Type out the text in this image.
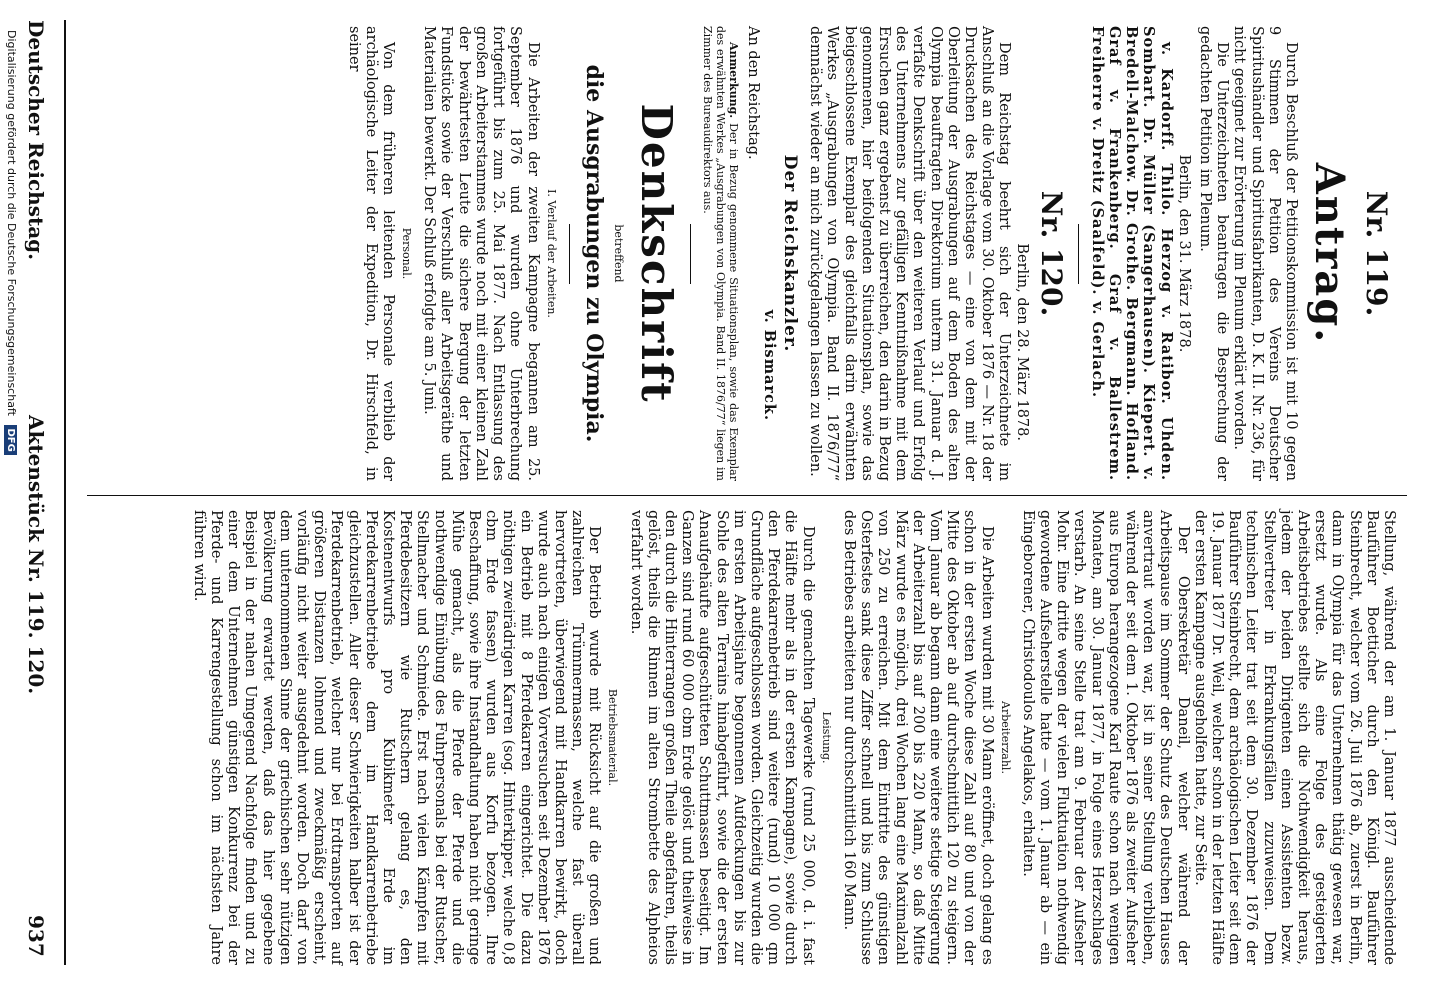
Deutscher Reichstag.
Aktenstück Nr. 119. 120.
937
Nr. 119.
Antrag.

Durch Beschluß der Petitionskommission ist mit 10 gegen 9 Stimmen der Petition des Vereins Deutscher Spiritushändler und Spiritusfabrikanten, D. K. II. Nr. 236, für nicht geeignet zur Erörterung im Plenum erklärt worden.

Die Unterzeichneten beantragen die Besprechung der gedachten Petition im Plenum.

Berlin, den 31. März 1878.

v. Kardorff. Thilo. Herzog v. Ratibor. Uhden. Sombart. Dr. Müller (Sangerhausen). Kiepert. v. Bredell-Malchow. Dr. Grothe. Bergmann. Hofland. Graf v. Frankenberg. Graf v. Ballestrem. Freiherre v. Dreitz (Saalfeld). v. Gerlach.

Nr. 120.

Berlin, den 28. März 1878.

Dem Reichstag beehrt sich der Unterzeichnete im Anschluß an die Vorlage vom 30. Oktober 1876 — Nr. 18 der Drucksachen des Reichstages — eine von dem mit der Oberleitung der Ausgrabungen auf dem Boden des alten Olympia beauftragten Direktorium unterm 31. Januar d. J. verfaßte Denkschrift über den weiteren Verlauf und Erfolg des Unternehmens zur gefälligen Kenntnißnahme mit dem Ersuchen ganz ergebenst zu überreichen, den darin in Bezug genommenen, hier beifolgenden Situationsplan, sowie das beigeschlossene Exemplar des gleichfalls darin erwähnten Werkes „Ausgrabungen von Olympia. Band II. 1876/77“ demnächst wieder an mich zurückgelangen lassen zu wollen.

Der Reichskanzler.

v. Bismarck.

An den Reichstag.

Anmerkung. Der in Bezug genommene Situationsplan, sowie das Exemplar des erwähnten Werkes „Ausgrabungen von Olympia. Band II. 1876/77“ liegen im Zimmer des Bureaudirektors aus.

Denkschrift
betreffend
die Ausgrabungen zu Olympia.
I. Verlauf der Arbeiten.

Die Arbeiten der zweiten Kampagne begannen am 25. September 1876 und wurden ohne Unterbrechung fortgeführt bis zum 25. Mai 1877. Nach Entlassung des großen Arbeiterstammes wurde noch mit einer kleinen Zahl der bewährtesten Leute die sichere Bergung der letzten Fundstücke sowie der Verschluß aller Arbeitsgeräthe und Materialien bewerkt. Der Schluß erfolgte am 5. Juni.

Personal.

Von dem früheren leitenden Personale verblieb der archäologische Leiter der Expedition, Dr. Hirschfeld, in seiner

Stellung, während der am 1. Januar 1877 ausscheidende Bauführer Boetticher durch den Königl. Bauführer Steinbrecht, welcher vom 26. Juli 1876 ab, zuerst in Berlin, dann in Olympia für das Unternehmen thätig gewesen war, ersetzt wurde. Als eine Folge des gesteigerten Arbeitsbetriebes stellte sich die Nothwendigkeit heraus, jedem der beiden Dirigenten einen Assistenten bezw. Stellvertreter in Erkrankungsfällen zuzuweisen. Dem technischen Leiter trat seit dem 30. Dezember 1876 der Bauführer Steinbrecht, dem archäologischen Leiter seit dem 19. Januar 1877 Dr. Weil, welcher schon in der letzten Hälfte der ersten Kampagne ausgeholfen hatte, zur Seite.

Der Obersekretär Daneil, welcher während der Arbeitspause im Sommer der Schutz des Deutschen Hauses anvertraut worden war, ist in seiner Stellung verblieben, während der seit dem 1. Oktober 1876 als zweiter Aufseher aus Europa herangezogene Karl Raute schon nach wenigen Monaten, am 30. Januar 1877, in Folge eines Herzschlages verstarb. An seine Stelle trat am 9. Februar der Aufseher Mohr. Eine dritte wegen der vielen Fluktuation nothwendig gewordene Aufseherstelle hatte — vom 1. Januar ab — ein Eingeborener, Christodoulos Angelakos, erhalten.

Arbeiterzahl.

Die Arbeiten wurden mit 30 Mann eröffnet, doch gelang es schon in der ersten Woche diese Zahl auf 80 und von der Mitte des Oktober ab auf durchschnittlich 120 zu steigern. Vom Januar ab begann dann eine weitere stetige Steigerung der Arbeiterzahl bis auf 200 bis 220 Mann, so daß Mitte März wurde es möglich, drei Wochen lang eine Maximalzahl von 250 zu erreichen. Mit dem Eintritte des günstigen Osterfestes sank diese Ziffer schnell und bis zum Schlusse des Betriebes arbeiteten nur durchschnittlich 160 Mann.

Leistung.

Durch die gemachten Tagewerke (rund 25 000, d. i. fast die Hälfte mehr als in der ersten Kampagne), sowie durch den Pferdekarrenbetrieb sind weitere (rund) 10 000 qm Grundfläche aufgeschlossen worden. Gleichzeitig wurden die im ersten Arbeitsjahre begonnenen Aufdeckungen bis zur Sohle des alten Terrains hinabgeführt, sowie die der ersten Anaufgehäufte aufgeschütteten Schuttmassen beseitigt. Im Ganzen sind rund 60 000 cbm Erde gelöst und theilweise in den durch die Hinterrangen großen Theile abgefahren, theils gelöst, theils die Rinnen im alten Strombette des Alpheios verfahrt worden.

Betriebsmaterial.

Der Betrieb wurde mit Rücksicht auf die großen und zahlreichen Trümmermassen, welche fast überall hervortreten, überwiegend mit Handkarren bewirkt, doch wurde auch nach einigen Vorversuchen seit Dezember 1876 ein Betrieb mit 8 Pferdekarren eingerichtet. Die dazu nöthigen zweirädrigen Karren (sog. Hinterkipper, welche 0,8 cbm Erde fassen) wurden aus Korfu bezogen. Ihre Beschaffung, sowie ihre Instandhaltung haben nicht geringe Mühe gemacht, als die Pferde der Pferde und die nothwendige Einübung des Fuhrpersonals bei der Rutscher, Stellmacher und Schmiede. Erst nach vielen Kämpfen mit Pferdebesitzern wie Rutschern gelang es, den Kostenentwurfs pro Kubikmeter Erde im Pferdekarrenbetriebe dem im Handkarrenbetriebe gleichzustellen. Aller dieser Schwierigkeiten halber ist der Pferdekarrenbetrieb, welcher nur bei Erdtransporten auf größeren Distanzen lohnend und zweckmäßig erscheint, vorläufig nicht weiter ausgedehnt worden. Doch darf von dem unternommenen Sinne der griechischen sehr nützigen Bevölkerung erwartet werden, daß das hier gegebene Beispiel in der nahen Umgegend Nachfolge finden und zu einer dem Unternehmen günstigen Konkurrenz bei der Pferde- und Karrengestellung schon im nächsten Jahre führen wird.

Digitalisierung gefördert durch die Deutsche Forschungsgemeinschaft DFG
